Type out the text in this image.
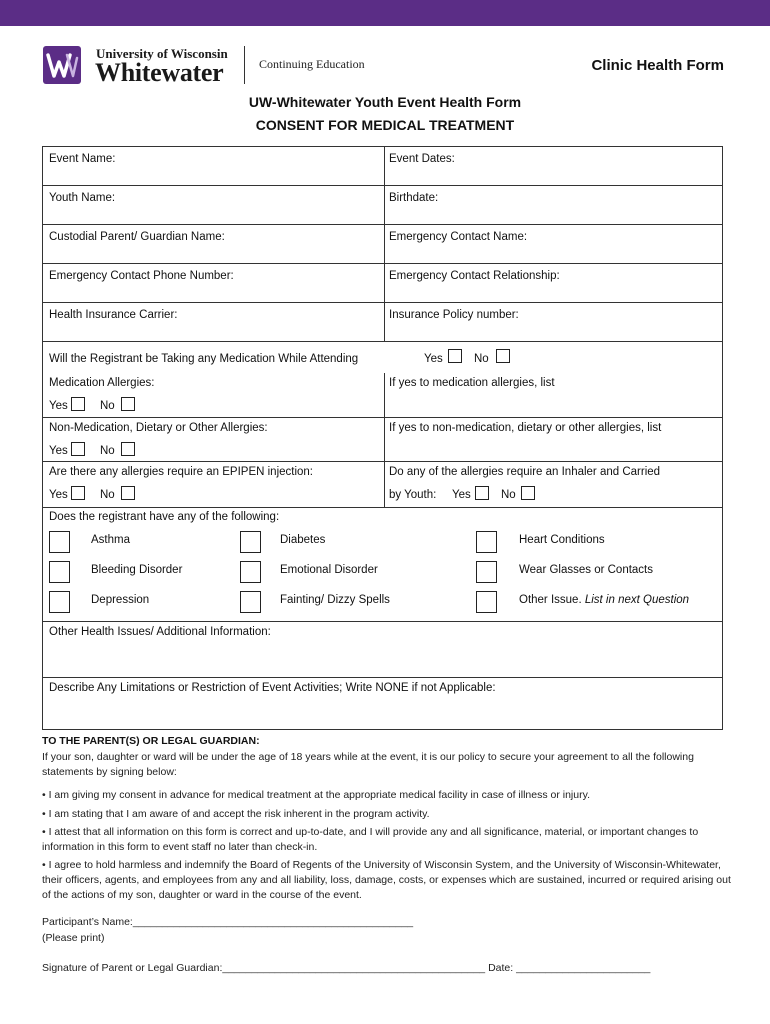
University of Wisconsin
Whitewater	Continuing Education	Clinic Health Form
UW-Whitewater Youth Event Health Form
CONSENT FOR MEDICAL TREATMENT
Event Name:	Event Dates:
Youth Name:	Birthdate:
Custodial Parent/ Guardian Name:	Emergency Contact Name:
Emergency Contact Phone Number:	Emergency Contact Relationship:
Health Insurance Carrier:	Insurance Policy number:
Will the Registrant be Taking any Medication While Attending	Yes	No
Medication Allergies:	If yes to medication allergies, list
Yes	No
Non-Medication, Dietary or Other Allergies:	If yes to non-medication, dietary or other allergies, list
Yes	No
Are there any allergies require an EPIPEN injection:
Yes	No
Do any of the allergies require an Inhaler and Carried
by Youth: Yes	No
Does the registrant have any of the following:
Asthma	Diabetes	Heart Conditions
Bleeding Disorder	Emotional Disorder	Wear Glasses or Contacts
Depression	Fainting/ Dizzy Spells	Other Issue. List in next Question
Other Health Issues/ Additional Information:
Describe Any Limitations or Restriction of Event Activities; Write NONE if not Applicable:
TO THE PARENT(S) OR LEGAL GUARDIAN:
If your son, daughter or ward will be under the age of 18 years while at the event, it is our policy to secure your agreement to all the following statements by signing below:
• I am giving my consent in advance for medical treatment at the appropriate medical facility in case of illness or injury.
• I am stating that I am aware of and accept the risk inherent in the program activity.
• I attest that all information on this form is correct and up-to-date, and I will provide any and all significance, material, or important changes to information in this form to event staff no later than check-in.
• I agree to hold harmless and indemnify the Board of Regents of the University of Wisconsin System, and the University of Wisconsin-Whitewater, their officers, agents, and employees from any and all liability, loss, damage, costs, or expenses which are sustained, incurred or required arising out of the actions of my son, daughter or ward in the course of the event.
Participant’s Name:________________________________________________
(Please print)
Signature of Parent or Legal Guardian:_____________________________________________ Date: _______________________
